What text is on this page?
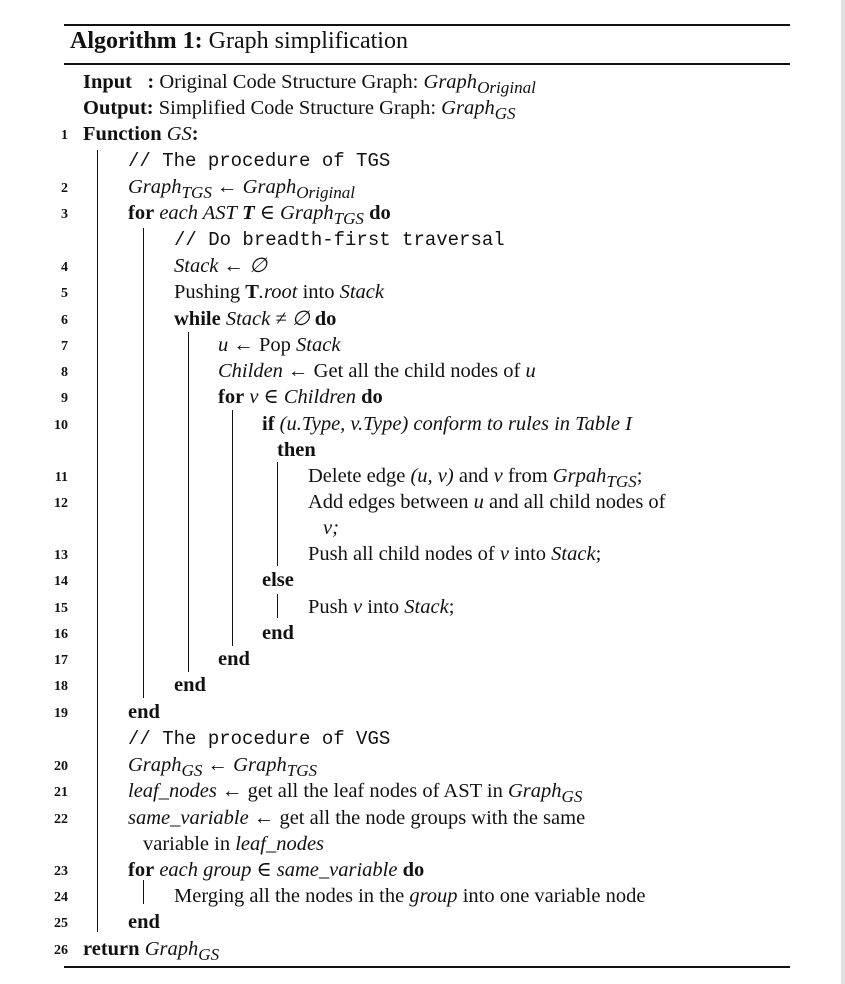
Algorithm 1: Graph simplification
Input : Original Code Structure Graph: Graph$_{Original}$
Output: Simplified Code Structure Graph: Graph$_{GS}$
1 Function GS:
// The procedure of TGS
2	Graph$_{TGS}$ ← Graph$_{Original}$
3	for each AST T ∈ Graph$_{TGS}$ do
// Do breadth-first traversal
4	Stack ← ∅
5	Pushing T.root into Stack
6	while Stack ≠ ∅ do
7	u ← Pop Stack
8	Childen ← Get all the child nodes of u
9	for v ∈ Children do
10	if (u.Type, v.Type) conform to rules in Table I
then
11	Delete edge (u, v) and v from Grpah$_{TGS}$;
12	Add edges between u and all child nodes of
v;
13	Push all child nodes of v into Stack;
14	else
15	Push v into Stack;
16	end
17	end
18	end
19	end
// The procedure of VGS
20	Graph$_{GS}$ ← Graph$_{TGS}$
21	leaf_nodes ← get all the leaf nodes of AST in Graph$_{GS}$
22	same_variable ← get all the node groups with the same
variable in leaf_nodes
23	for each group ∈ same_variable do
24	Merging all the nodes in the group into one variable node
25	end
26 return Graph$_{GS}$
